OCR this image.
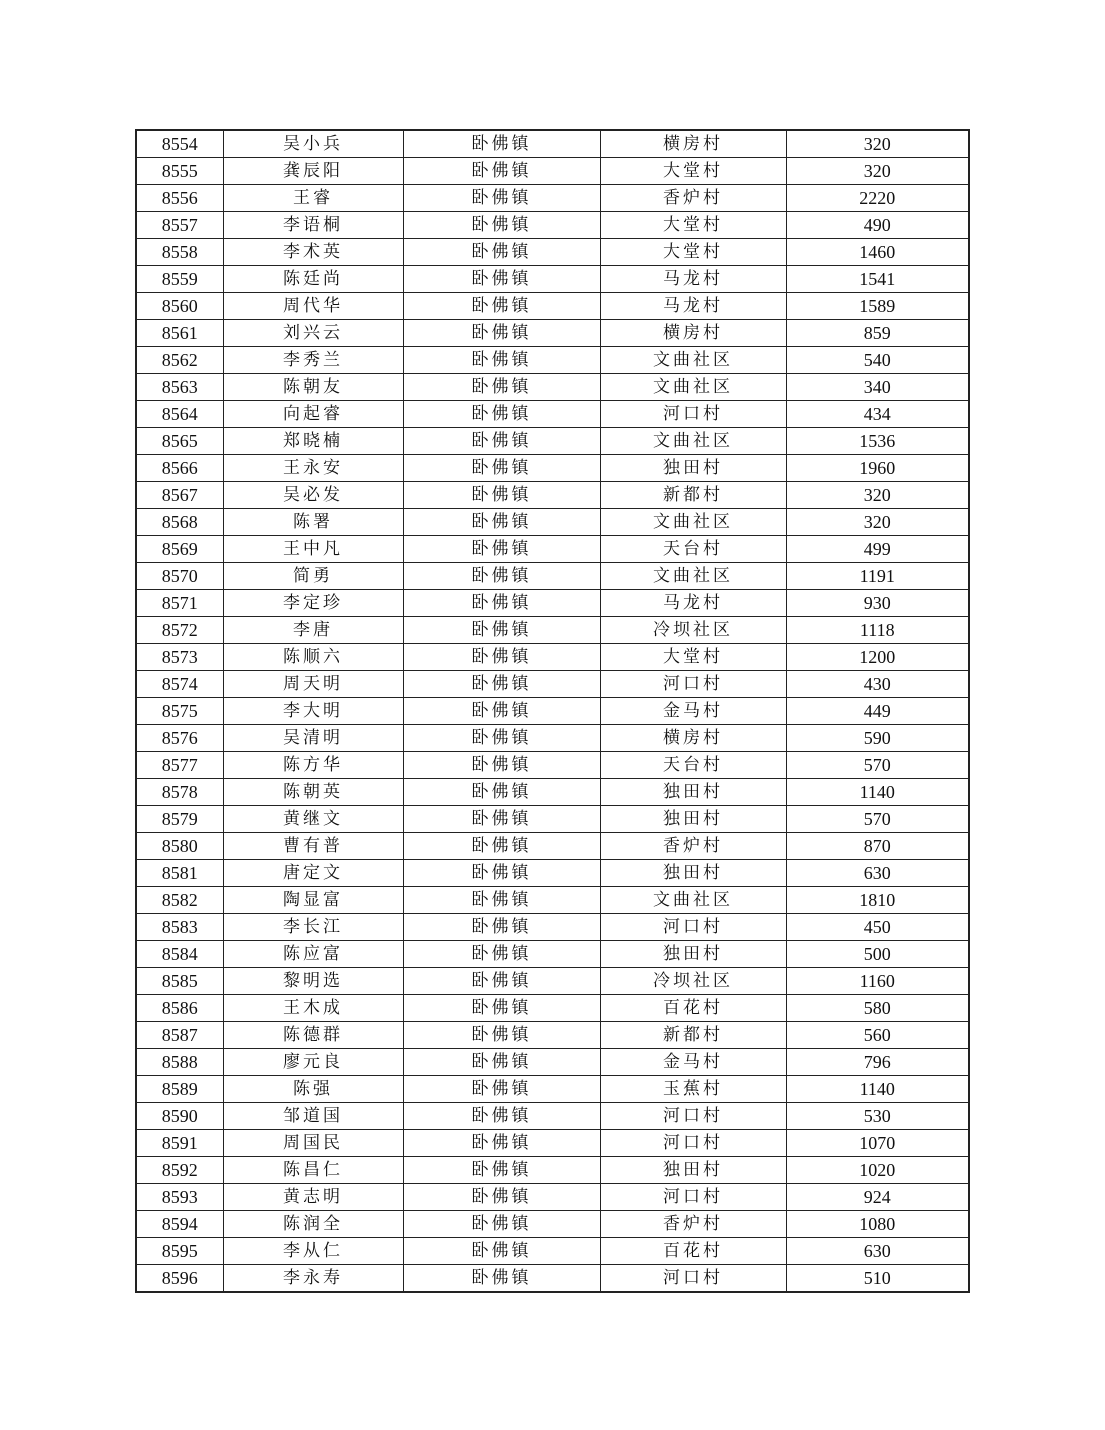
8554	吴小兵	卧佛镇	横房村	320
8555	龚辰阳	卧佛镇	大堂村	320
8556	王睿	卧佛镇	香炉村	2220
8557	李语桐	卧佛镇	大堂村	490
8558	李术英	卧佛镇	大堂村	1460
8559	陈廷尚	卧佛镇	马龙村	1541
8560	周代华	卧佛镇	马龙村	1589
8561	刘兴云	卧佛镇	横房村	859
8562	李秀兰	卧佛镇	文曲社区	540
8563	陈朝友	卧佛镇	文曲社区	340
8564	向起睿	卧佛镇	河口村	434
8565	郑晓楠	卧佛镇	文曲社区	1536
8566	王永安	卧佛镇	独田村	1960
8567	吴必发	卧佛镇	新都村	320
8568	陈署	卧佛镇	文曲社区	320
8569	王中凡	卧佛镇	天台村	499
8570	简勇	卧佛镇	文曲社区	1191
8571	李定珍	卧佛镇	马龙村	930
8572	李唐	卧佛镇	冷坝社区	1118
8573	陈顺六	卧佛镇	大堂村	1200
8574	周天明	卧佛镇	河口村	430
8575	李大明	卧佛镇	金马村	449
8576	吴清明	卧佛镇	横房村	590
8577	陈方华	卧佛镇	天台村	570
8578	陈朝英	卧佛镇	独田村	1140
8579	黄继文	卧佛镇	独田村	570
8580	曹有普	卧佛镇	香炉村	870
8581	唐定文	卧佛镇	独田村	630
8582	陶显富	卧佛镇	文曲社区	1810
8583	李长江	卧佛镇	河口村	450
8584	陈应富	卧佛镇	独田村	500
8585	黎明选	卧佛镇	冷坝社区	1160
8586	王木成	卧佛镇	百花村	580
8587	陈德群	卧佛镇	新都村	560
8588	廖元良	卧佛镇	金马村	796
8589	陈强	卧佛镇	玉蕉村	1140
8590	邹道国	卧佛镇	河口村	530
8591	周国民	卧佛镇	河口村	1070
8592	陈昌仁	卧佛镇	独田村	1020
8593	黄志明	卧佛镇	河口村	924
8594	陈润全	卧佛镇	香炉村	1080
8595	李从仁	卧佛镇	百花村	630
8596	李永寿	卧佛镇	河口村	510
